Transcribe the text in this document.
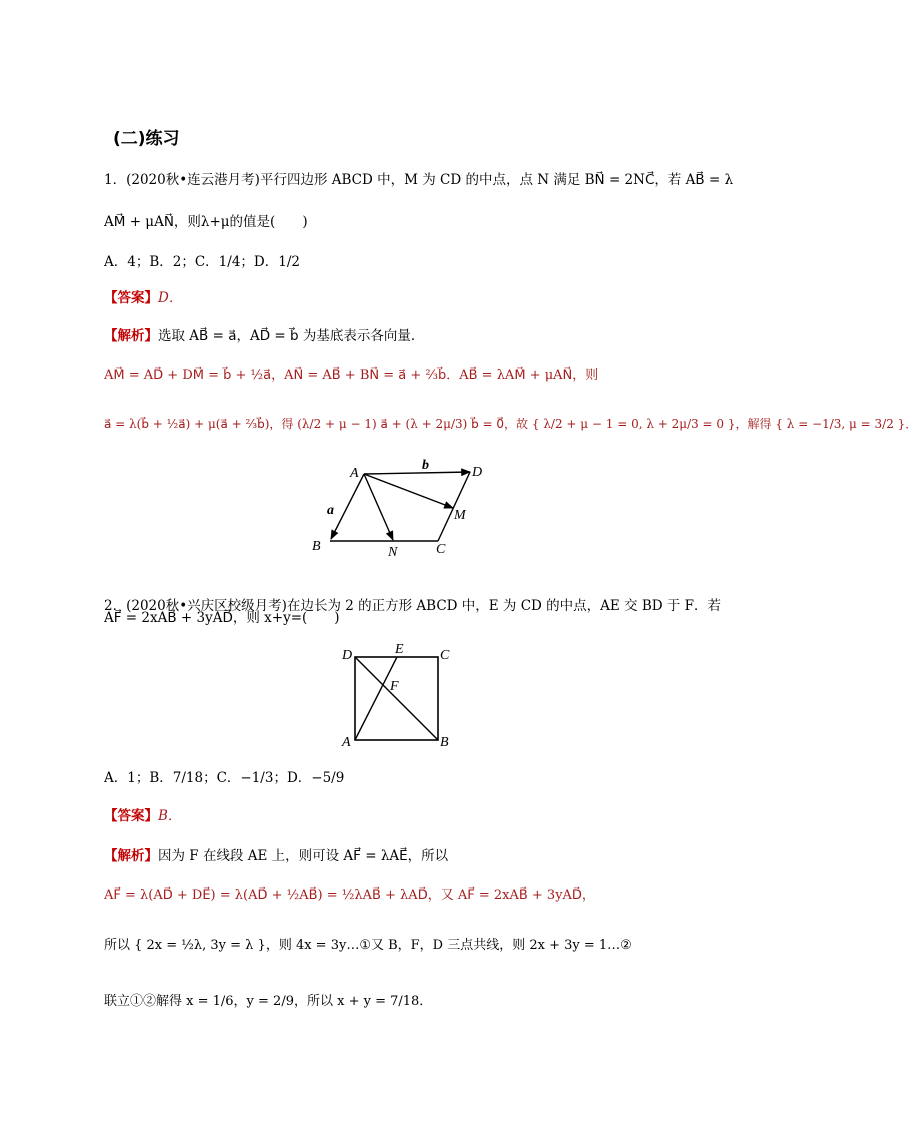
(二)练习
1．(2020秋•连云港月考)平行四边形 ABCD 中，M 为 CD 的中点，点 N 满足 BN⃗ = 2NC⃗，若 AB⃗ = λ
AM⃗ + μAN⃗，则λ+μ的值是(　　)
A．4；B．2；C．1/4；D．1/2
【答案】D．
【解析】选取 AB⃗ = a⃗，AD⃗ = b⃗ 为基底表示各向量．
AM⃗ = AD⃗ + DM⃗ = b⃗ + ½a⃗，AN⃗ = AB⃗ + BN⃗ = a⃗ + ⅔b⃗．AB⃗ = λAM⃗ + μAN⃗，则
a⃗ = λ(b⃗ + ½a⃗) + μ(a⃗ + ⅔b⃗)，得 (λ/2 + μ − 1) a⃗ + (λ + 2μ/3) b⃗ = 0⃗，故 { λ/2 + μ − 1 = 0, λ + 2μ/3 = 0 }，解得 { λ = −1/3, μ = 3/2 }．
A	D
b
a	M
B	N	C
2．(2020秋•兴庆区校级月考)在边长为 2 的正方形 ABCD 中，E 为 CD 的中点，AE 交 BD 于 F．若
AF⃗ = 2xAB⃗ + 3yAD⃗，则 x+y=(　　)
D	E	C
F
A	B
A．1；B．7/18；C．−1/3；D．−5/9
【答案】B．
【解析】因为 F 在线段 AE 上，则可设 AF⃗ = λAE⃗，所以
AF⃗ = λ(AD⃗ + DE⃗) = λ(AD⃗ + ½AB⃗) = ½λAB⃗ + λAD⃗，又 AF⃗ = 2xAB⃗ + 3yAD⃗，
所以 { 2x = ½λ, 3y = λ }，则 4x = 3y…①又 B，F，D 三点共线，则 2x + 3y = 1…②
联立①②解得 x = 1/6，y = 2/9，所以 x + y = 7/18．
